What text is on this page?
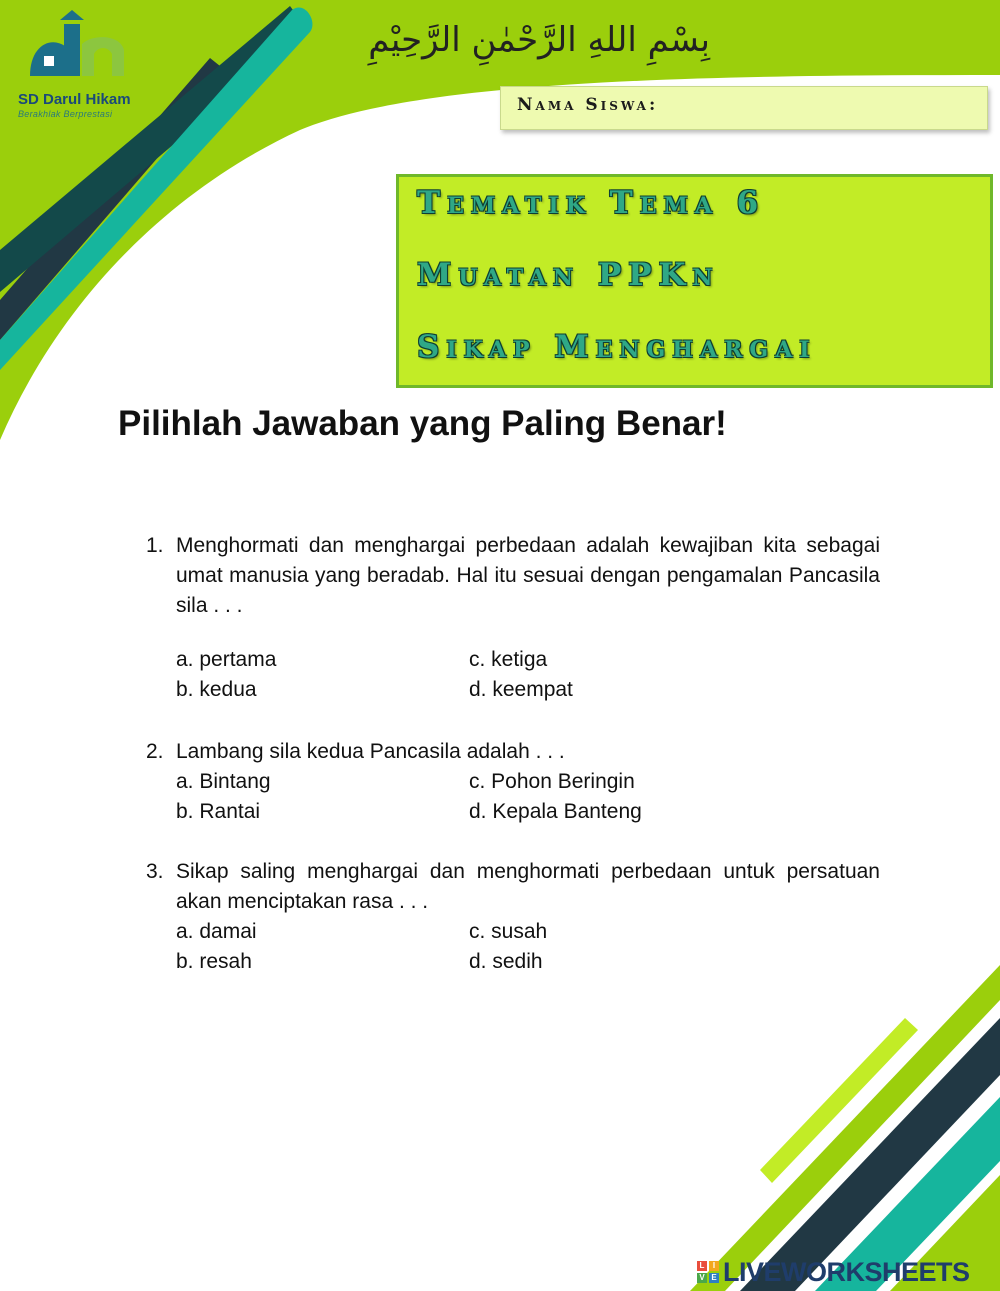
SD Darul Hikam
Berakhlak Berprestasi
بِسْمِ اللهِ الرَّحْمٰنِ الرَّحِيْمِ
Nama Siswa:
Tematik Tema 6
Muatan PPKn
Sikap Menghargai
Pilihlah Jawaban yang Paling Benar!
1. Menghormati dan menghargai perbedaan adalah kewajiban kita sebagai umat manusia yang beradab. Hal itu sesuai dengan pengamalan Pancasila sila . . .
a. pertama
b. kedua
c. ketiga
d. keempat
2. Lambang sila kedua Pancasila adalah . . .
a. Bintang
b. Rantai
c. Pohon Beringin
d. Kepala Banteng
3. Sikap saling menghargai dan menghormati perbedaan untuk persatuan akan menciptakan rasa . . .
a. damai
b. resah
c. susah
d. sedih
L	I
V E LIVEWORKSHEETS
